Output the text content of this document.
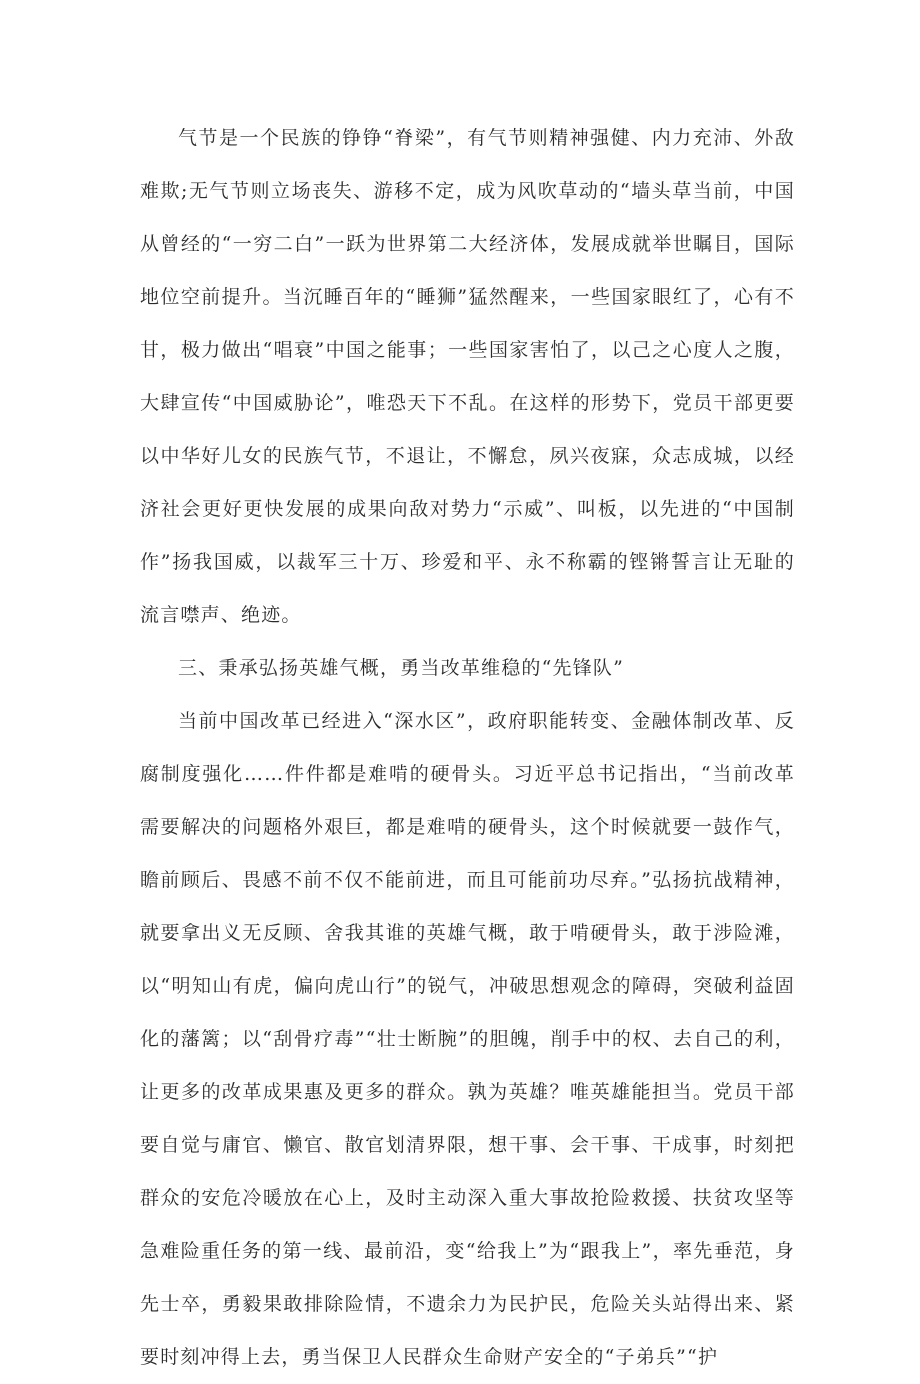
气节是一个民族的铮铮“脊梁”，有气节则精神强健、内力充沛、外敌难欺;无气节则立场丧失、游移不定，成为风吹草动的“墙头草当前，中国从曾经的“一穷二白”一跃为世界第二大经济体，发展成就举世瞩目，国际地位空前提升。当沉睡百年的“睡狮”猛然醒来，一些国家眼红了，心有不甘，极力做出“唱衰”中国之能事；一些国家害怕了，以己之心度人之腹，大肆宣传“中国威胁论”，唯恐天下不乱。在这样的形势下，党员干部更要以中华好儿女的民族气节，不退让，不懈怠，夙兴夜寐，众志成城，以经济社会更好更快发展的成果向敌对势力“示威”、叫板，以先进的“中国制作”扬我国威，以裁军三十万、珍爱和平、永不称霸的铿锵誓言让无耻的流言噤声、绝迹。

三、秉承弘扬英雄气概，勇当改革维稳的“先锋队”

当前中国改革已经进入“深水区”，政府职能转变、金融体制改革、反腐制度强化……件件都是难啃的硬骨头。习近平总书记指出，“当前改革需要解决的问题格外艰巨，都是难啃的硬骨头，这个时候就要一鼓作气，瞻前顾后、畏感不前不仅不能前进，而且可能前功尽弃。”弘扬抗战精神，就要拿出义无反顾、舍我其谁的英雄气概，敢于啃硬骨头，敢于涉险滩，以“明知山有虎，偏向虎山行”的锐气，冲破思想观念的障碍，突破利益固化的藩篱；以“刮骨疗毒”“壮士断腕”的胆魄，削手中的权、去自己的利，让更多的改革成果惠及更多的群众。孰为英雄？唯英雄能担当。党员干部要自觉与庸官、懒官、散官划清界限，想干事、会干事、干成事，时刻把群众的安危冷暖放在心上，及时主动深入重大事故抢险救援、扶贫攻坚等急难险重任务的第一线、最前沿，变“给我上”为“跟我上”，率先垂范，身先士卒，勇毅果敢排除险情，不遗余力为民护民，危险关头站得出来、紧要时刻冲得上去，勇当保卫人民群众生命财产安全的“子弟兵”“护
